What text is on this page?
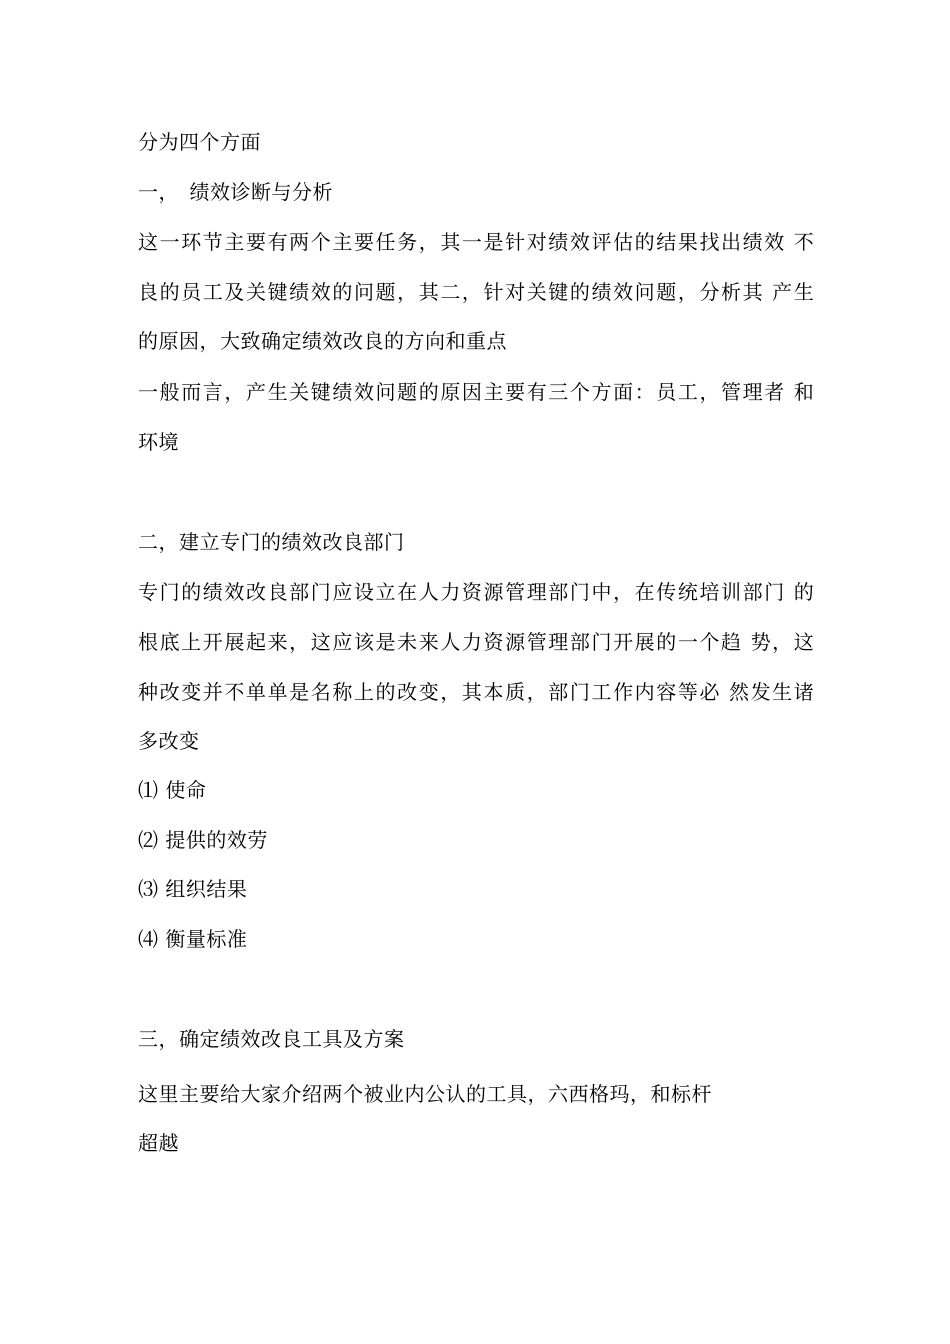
分为四个方面
一，　绩效诊断与分析
这 一 环 节 主 要 有 两 个 主 要 任 务 ， 其 一 是 针 对 绩 效 评 估 的 结 果 找 出 绩 效
不
良 的 员 工 及 关 键 绩 效 的 问 题 ， 其 二 ， 针 对 关 键 的 绩 效 问 题 ， 分 析 其
产 生
的原因，大致确定绩效改良的方向和重点
一 般 而 言 ， 产 生 关 键 绩 效 问 题 的 原 因 主 要 有 三 个 方 面 ： 员 工 ， 管 理 者
和
环境
二，建立专门的绩效改良部门
专 门 的 绩 效 改 良 部 门 应 设 立 在 人 力 资 源 管 理 部 门 中 ， 在 传 统 培 训 部 门
的
根 底 上 开 展 起 来 ， 这 应 该 是 未 来 人 力 资 源 管 理 部 门 开 展 的 一 个 趋
势 ， 这
种 改 变 并 不 单 单 是 名 称 上 的 改 变 ， 其 本 质 ， 部 门 工 作 内 容 等 必
然 发 生 诸
多改变
⑴ 使命
⑵ 提供的效劳
⑶ 组织结果
⑷ 衡量标准
三，确定绩效改良工具及方案
这里主要给大家介绍两个被业内公认的工具，六西格玛，和标杆
超越
